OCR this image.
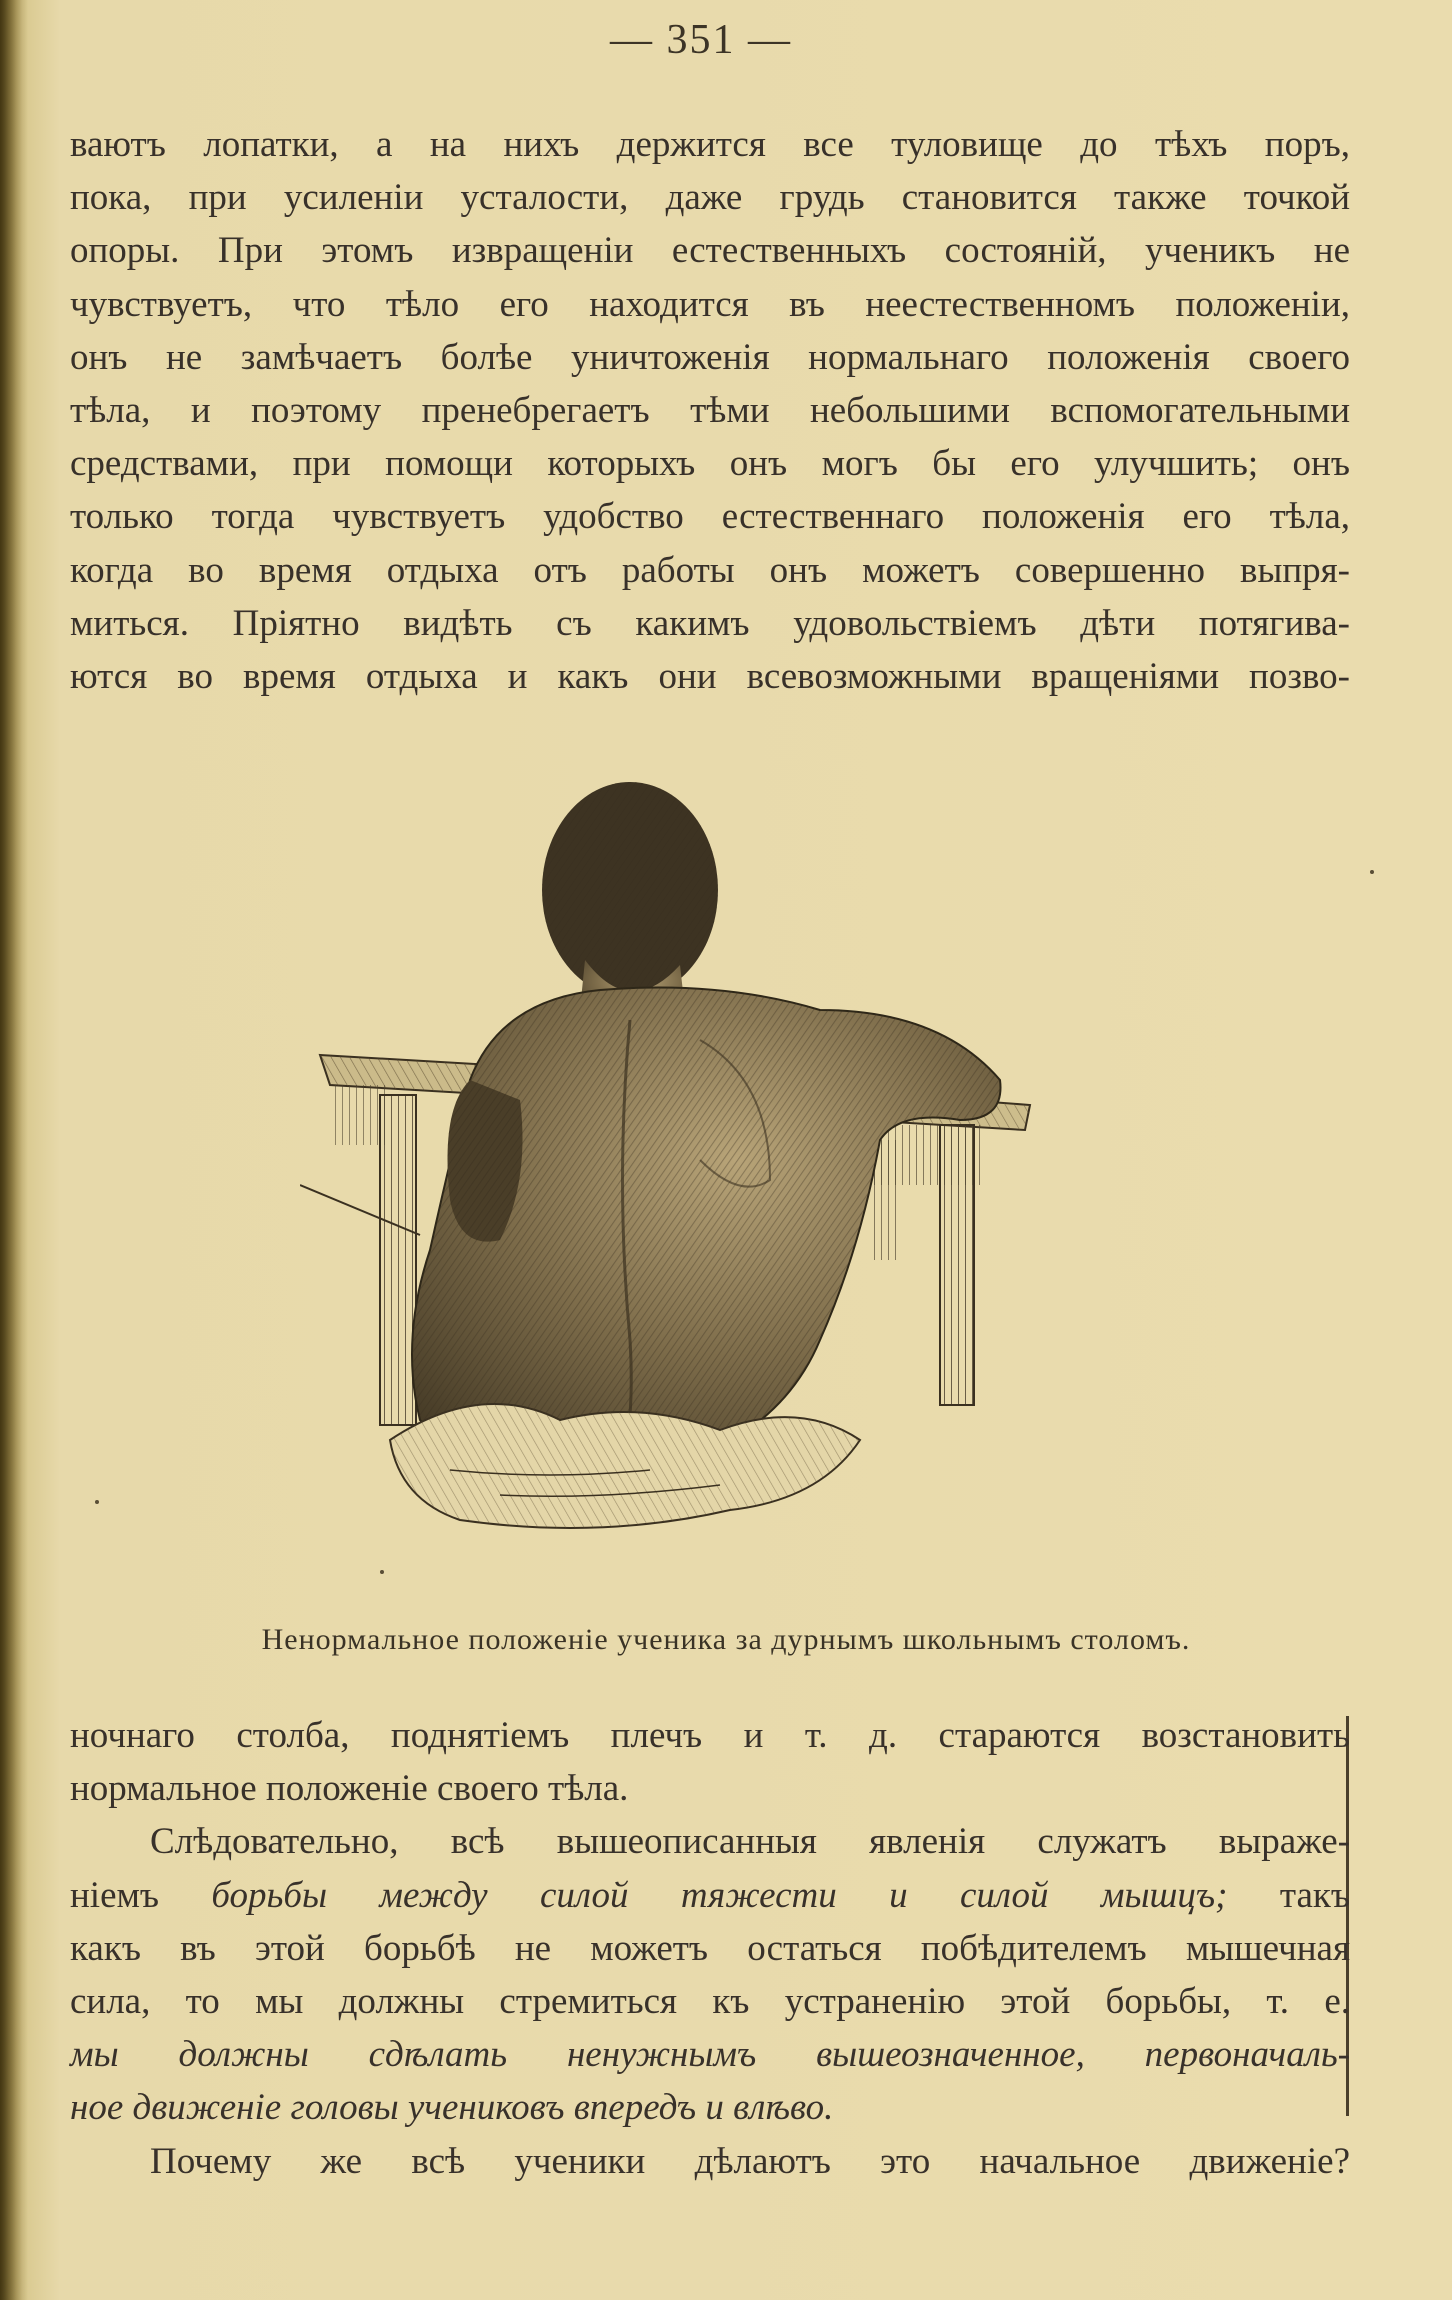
— 351 —
ваютъ лопатки, а на нихъ держится все туловище до тѣхъ поръ,
пока, при усиленіи усталости, даже грудь становится также точкой
опоры. При этомъ извращеніи естественныхъ состояній, ученикъ не
чувствуетъ, что тѣло его находится въ неестественномъ положеніи,
онъ не замѣчаетъ болѣе уничтоженія нормальнаго положенія своего
тѣла, и поэтому пренебрегаетъ тѣми небольшими вспомогательными
средствами, при помощи которыхъ онъ могъ бы его улучшить; онъ
только тогда чувствуетъ удобство естественнаго положенія его тѣла,
когда во время отдыха отъ работы онъ можетъ совершенно выпря-
миться. Пріятно видѣть съ какимъ удовольствіемъ дѣти потягива-
ются во время отдыха и какъ они всевозможными вращеніями позво-
Ненормальное положеніе ученика за дурнымъ школьнымъ столомъ.
ночнаго столба, поднятіемъ плечъ и т. д. стараются возстановить
нормальное положеніе своего тѣла.
Слѣдовательно, всѣ вышеописанныя явленія служатъ выраже-
ніемъ борьбы между силой тяжести и силой мышцъ; такъ
какъ въ этой борьбѣ не можетъ остаться побѣдителемъ мышечная
сила, то мы должны стремиться къ устраненію этой борьбы, т. е.
мы должны сдѣлать ненужнымъ вышеозначенное, первоначаль-
ное движеніе головы учениковъ впередъ и влѣво.
Почему же всѣ ученики дѣлаютъ это начальное движеніе?
